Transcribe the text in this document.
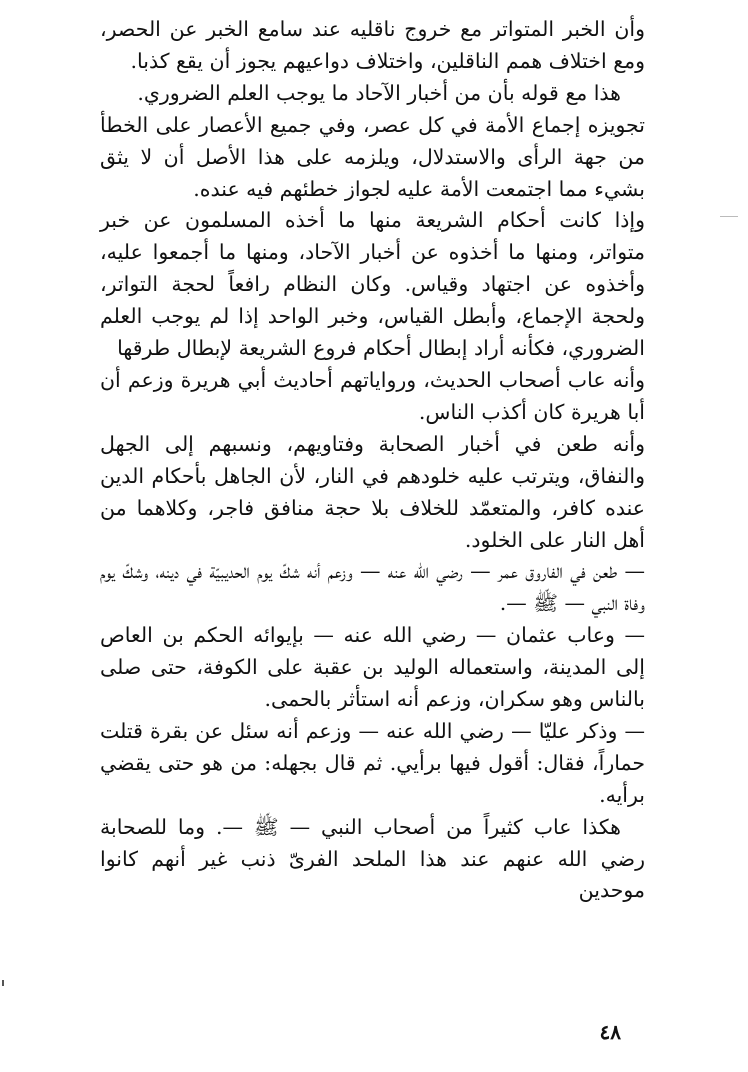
وأن الخبر المتواتر مع خروج ناقليه عند سامع الخبر عن الحصر، ومع اختلاف همم الناقلين، واختلاف دواعيهم يجوز أن يقع كذبا.

هذا مع قوله بأن من أخبار الآحاد ما يوجب العلم الضروري.

تجويزه إجماع الأمة في كل عصر، وفي جميع الأعصار على الخطأ من جهة الرأى والاستدلال، ويلزمه على هذا الأصل أن لا يثق بشيء مما اجتمعت الأمة عليه لجواز خطئهم فيه عنده.

وإذا كانت أحكام الشريعة منها ما أخذه المسلمون عن خبر متواتر، ومنها ما أخذوه عن أخبار الآحاد، ومنها ما أجمعوا عليه، وأخذوه عن اجتهاد وقياس. وكان النظام رافعاً لحجة التواتر، ولحجة الإجماع، وأبطل القياس، وخبر الواحد إذا لم يوجب العلم الضروري، فكأنه أراد إبطال أحكام فروع الشريعة لإبطال طرقها

وأنه عاب أصحاب الحديث، ورواياتهم أحاديث أبي هريرة وزعم أن أبا هريرة كان أكذب الناس.

وأنه طعن في أخبار الصحابة وفتاويهم، ونسبهم إلى الجهل والنفاق، ويترتب عليه خلودهم في النار، لأن الجاهل بأحكام الدين عنده كافر، والمتعمّد للخلاف بلا حجة منافق فاجر، وكلاهما من أهل النار على الخلود.

— طعن في الفاروق عمر — رضي الله عنه — وزعم أنه شكّ يوم الحديبيّة في دينه، وشكّ يوم وفاة النبي — ﷺ —.

— وعاب عثمان — رضي الله عنه — بإيوائه الحكم بن العاص إلى المدينة، واستعماله الوليد بن عقبة على الكوفة، حتى صلى بالناس وهو سكران، وزعم أنه استأثر بالحمى.

— وذكر عليّا — رضي الله عنه — وزعم أنه سئل عن بقرة قتلت حماراً، فقال: أقول فيها برأيي. ثم قال بجهله: من هو حتى يقضي برأيه.

هكذا عاب كثيراً من أصحاب النبي — ﷺ —. وما للصحابة رضي الله عنهم عند هذا الملحد الفرىّ ذنب غير أنهم كانوا موحدين

٤٨
